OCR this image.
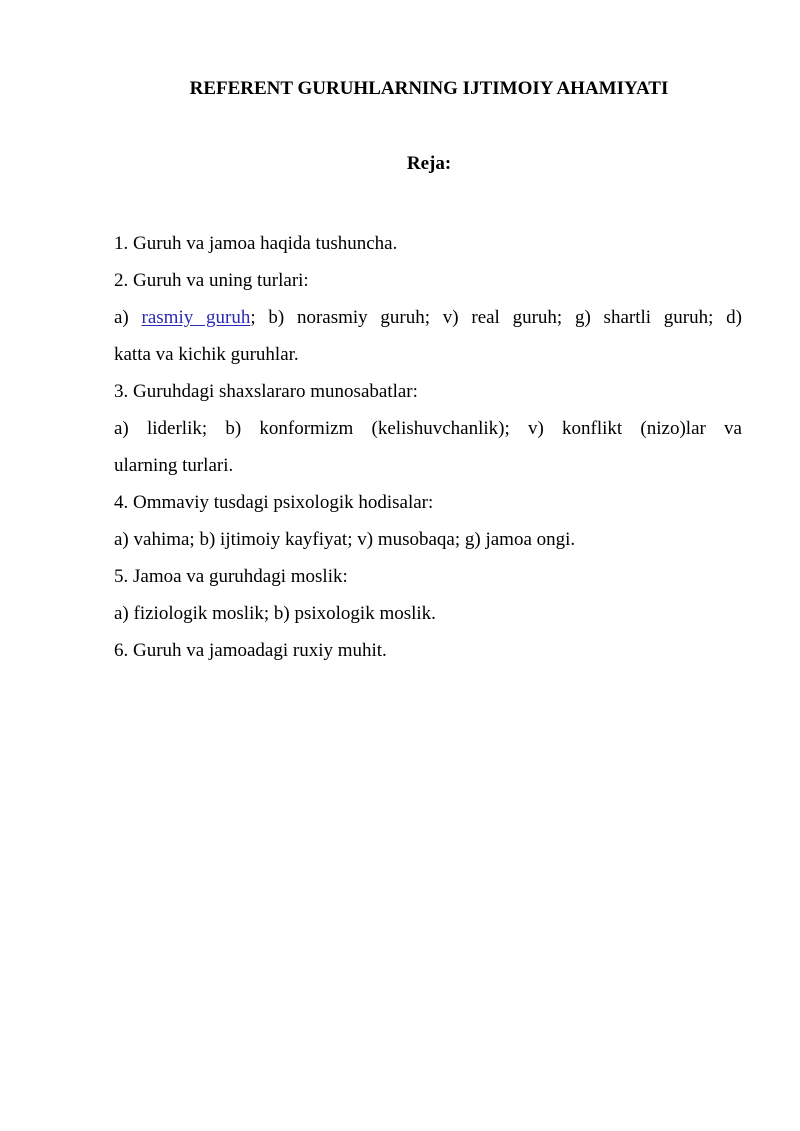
REFERENT GURUHLARNING IJTIMOIY AHAMIYATI
Reja:

1. Guruh va jamoa haqida tushuncha.

2. Guruh va uning turlari:

a) rasmiy guruh; b) norasmiy guruh; v) real guruh; g) shartli guruh; d)
katta va kichik guruhlar.

3. Guruhdagi shaxslararo munosabatlar:

a) liderlik; b) konformizm (kelishuvchanlik); v) konflikt (nizo)lar va
ularning turlari.

4. Ommaviy tusdagi psixologik hodisalar:

a) vahima; b) ijtimoiy kayfiyat; v) musobaqa; g) jamoa ongi.

5. Jamoa va guruhdagi moslik:

a) fiziologik moslik; b) psixologik moslik.

6. Guruh va jamoadagi ruxiy muhit.
